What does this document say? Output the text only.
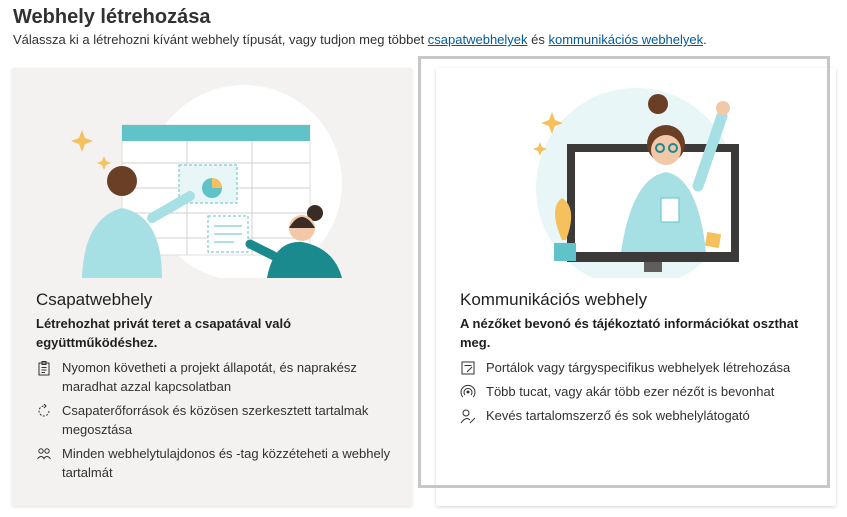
Webhely létrehozása
Válassza ki a létrehozni kívánt webhely típusát, vagy tudjon meg többet csapatwebhelyek és kommunikációs webhelyek.
Csapatwebhely
Létrehozhat privát teret a csapatával való együttműködéshez.
Nyomon követheti a projekt állapotát, és naprakész maradhat azzal kapcsolatban
Csapaterőforrások és közösen szerkesztett tartalmak megosztása
Minden webhelytulajdonos és -tag közzéteheti a webhely tartalmát
Kommunikációs webhely
A nézőket bevonó és tájékoztató információkat oszthat meg.
Portálok vagy tárgyspecifikus webhelyek létrehozása
Több tucat, vagy akár több ezer nézőt is bevonhat
Kevés tartalomszerző és sok webhelylátogató
